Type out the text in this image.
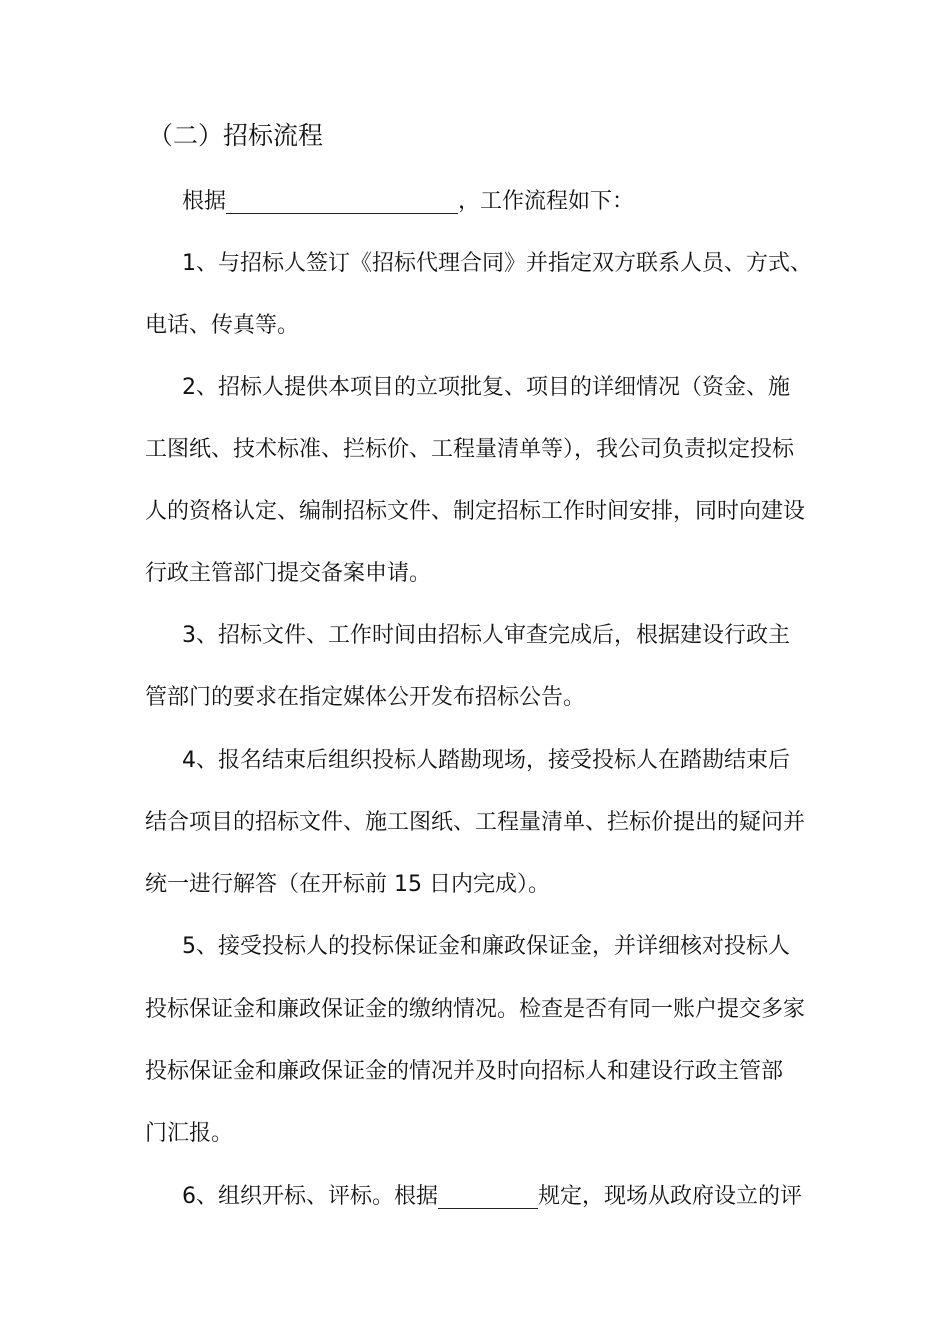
（二）招标流程
根据	，工作流程如下：
1、与招标人签订《招标代理合同》并指定双方联系人员、方式、
电话、传真等。
2、招标人提供本项目的立项批复、项目的详细情况（资金、施
工图纸、技术标准、拦标价、工程量清单等），我公司负责拟定投标
人的资格认定、编制招标文件、制定招标工作时间安排，同时向建设
行政主管部门提交备案申请。
3、招标文件、工作时间由招标人审查完成后，根据建设行政主
管部门的要求在指定媒体公开发布招标公告。
4、报名结束后组织投标人踏勘现场，接受投标人在踏勘结束后
结合项目的招标文件、施工图纸、工程量清单、拦标价提出的疑问并
统一进行解答（在开标前 15 日内完成）。
5、接受投标人的投标保证金和廉政保证金，并详细核对投标人
投标保证金和廉政保证金的缴纳情况。检查是否有同一账户提交多家
投标保证金和廉政保证金的情况并及时向招标人和建设行政主管部
门汇报。
6、组织开标、评标。根据	规定，现场从政府设立的评
